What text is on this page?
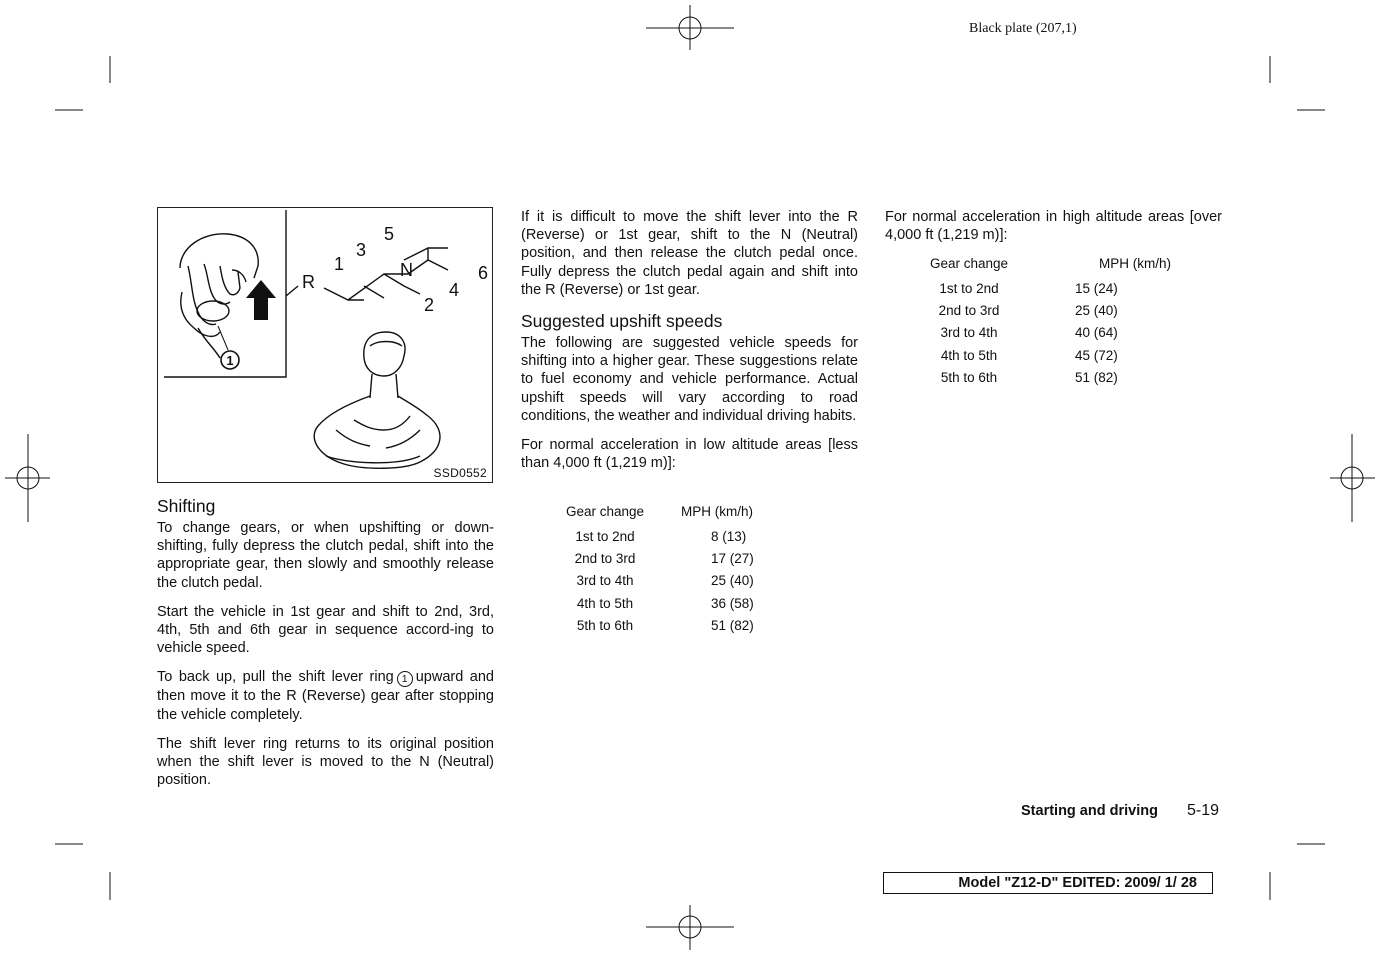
Black plate (207,1)
1
R
1
3
5
N	6
4
2
SSD0552
Shifting

To change gears, or when upshifting or down-shifting, fully depress the clutch pedal, shift into the appropriate gear, then slowly and smoothly release the clutch pedal.

Start the vehicle in 1st gear and shift to 2nd, 3rd, 4th, 5th and 6th gear in sequence accord-ing to vehicle speed.

To back up, pull the shift lever ring 1 upward and then move it to the R (Reverse) gear after stopping the vehicle completely.

The shift lever ring returns to its original position when the shift lever is moved to the N (Neutral) position.

If it is difficult to move the shift lever into the R (Reverse) or 1st gear, shift to the N (Neutral) position, and then release the clutch pedal once. Fully depress the clutch pedal again and shift into the R (Reverse) or 1st gear.

Suggested upshift speeds

The following are suggested vehicle speeds for shifting into a higher gear. These suggestions relate to fuel economy and vehicle performance. Actual upshift speeds will vary according to road conditions, the weather and individual driving habits.

For normal acceleration in low altitude areas [less than 4,000 ft (1,219 m)]:

Gear change	MPH (km/h)
1st to 2nd	8 (13)
2nd to 3rd	17 (27)
3rd to 4th	25 (40)
4th to 5th	36 (58)
5th to 6th	51 (82)

For normal acceleration in high altitude areas [over 4,000 ft (1,219 m)]:

Gear change	MPH (km/h)
1st to 2nd	15 (24)
2nd to 3rd	25 (40)
3rd to 4th	40 (64)
4th to 5th	45 (72)
5th to 6th	51 (82)
Starting and driving 5-19
Model "Z12-D" EDITED: 2009/ 1/ 28
